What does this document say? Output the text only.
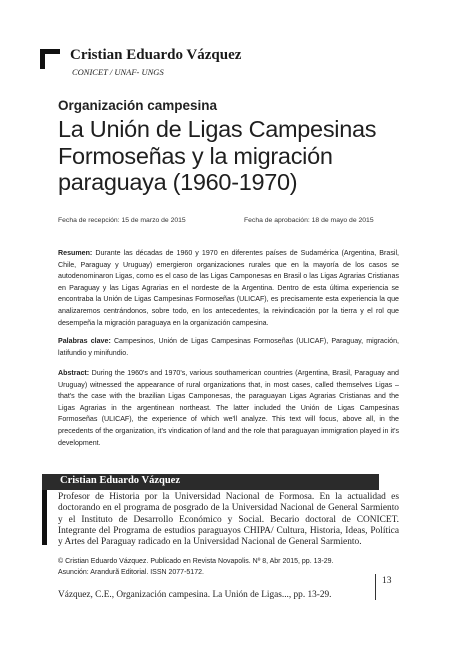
Cristian Eduardo Vázquez
CONICET / UNAF- UNGS
Organización campesina
La Unión de Ligas Campesinas Formoseñas y la migración paraguaya (1960-1970)
Fecha de recepción: 15 de marzo de 2015	Fecha de aprobación: 18 de mayo de 2015
Resumen: Durante las décadas de 1960 y 1970 en diferentes países de Sudamérica (Argentina, Brasil, Chile, Paraguay y Uruguay) emergieron organizaciones rurales que en la mayoría de los casos se autodenominaron Ligas, como es el caso de las Ligas Camponesas en Brasil o las Ligas Agrarias Cristianas en Paraguay y las Ligas Agrarias en el nordeste de la Argentina. Dentro de esta última experiencia se encontraba la Unión de Ligas Campesinas Formoseñas (ULICAF), es precisamente esta experiencia la que analizaremos centrándonos, sobre todo, en los antecedentes, la reivindicación por la tierra y el rol que desempeña la migración paraguaya en la organización campesina.
Palabras clave: Campesinos, Unión de Ligas Campesinas Formoseñas (ULICAF), Paraguay, migración, latifundio y minifundio.
Abstract: During the 1960's and 1970's, various southamerican countries (Argentina, Brasil, Paraguay and Uruguay) witnessed the appearance of rural organizations that, in most cases, called themselves Ligas –that's the case with the brazilian Ligas Camponesas, the paraguayan Ligas Agrarias Cristianas and the Ligas Agrarias in the argentinean northeast. The latter included the Unión de Ligas Campesinas Formoseñas (ULICAF), the experience of which we'll analyze. This text will focus, above all, in the precedents of the organization, it's vindication of land and the role that paraguayan immigration played in it's development.
Cristian Eduardo Vázquez
Profesor de Historia por la Universidad Nacional de Formosa. En la actualidad es doctorando en el programa de posgrado de la Universidad Nacional de General Sarmiento y el Instituto de Desarrollo Económico y Social. Becario doctoral de CONICET. Integrante del Programa de estudios paraguayos CHIPA/ Cultura, Historia, Ideas, Política y Artes del Paraguay radicado en la Universidad Nacional de General Sarmiento.
© Cristian Eduardo Vázquez. Publicado en Revista Novapolis. Nº 8, Abr 2015, pp. 13-29.
Asunción: Arandurã Editorial. ISSN 2077-5172.
13
Vázquez, C.E., Organización campesina. La Unión de Ligas..., pp. 13-29.
